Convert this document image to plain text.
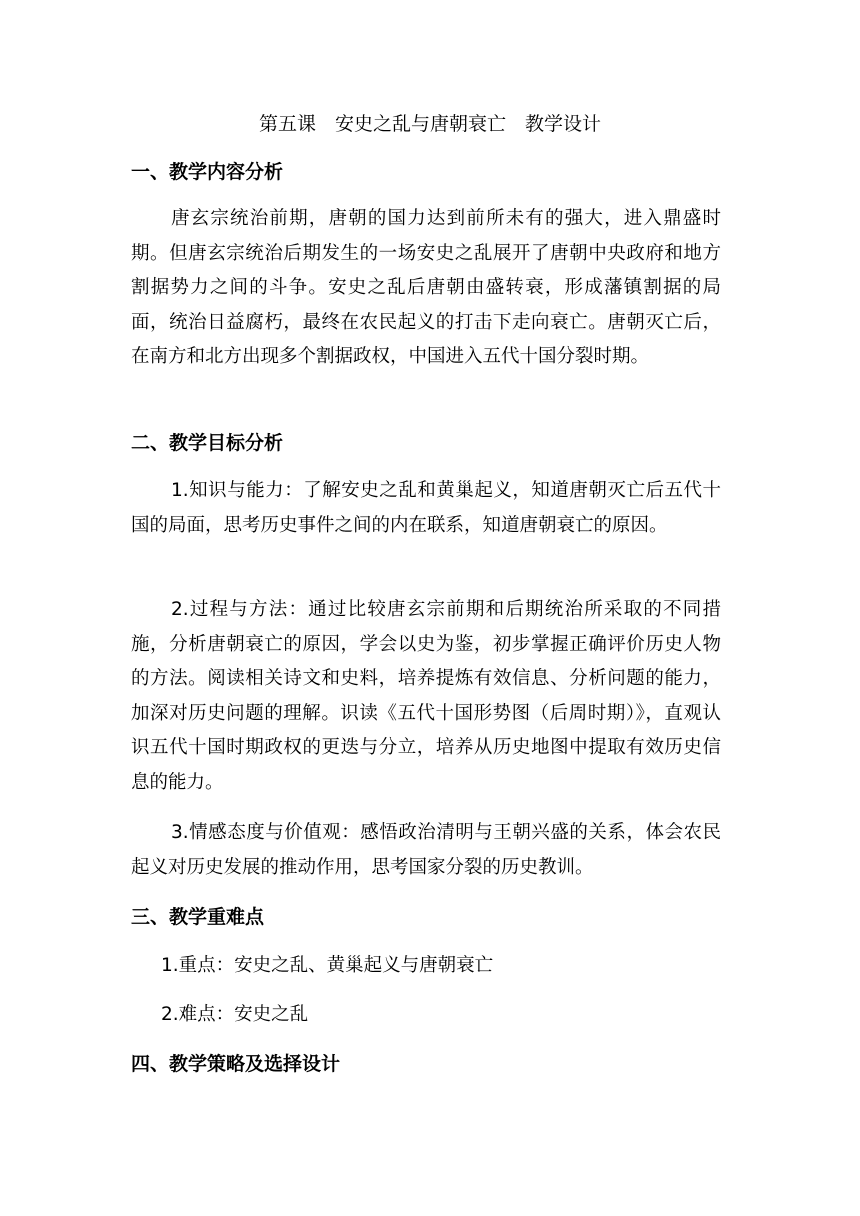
第五课　安史之乱与唐朝衰亡　教学设计
一、教学内容分析
唐玄宗统治前期，唐朝的国力达到前所未有的强大，进入鼎盛时期。但唐玄宗统治后期发生的一场安史之乱展开了唐朝中央政府和地方割据势力之间的斗争。安史之乱后唐朝由盛转衰，形成藩镇割据的局面，统治日益腐朽，最终在农民起义的打击下走向衰亡。唐朝灭亡后，在南方和北方出现多个割据政权，中国进入五代十国分裂时期。
二、教学目标分析
1.知识与能力：了解安史之乱和黄巢起义，知道唐朝灭亡后五代十国的局面，思考历史事件之间的内在联系，知道唐朝衰亡的原因。
2.过程与方法：通过比较唐玄宗前期和后期统治所采取的不同措施，分析唐朝衰亡的原因，学会以史为鉴，初步掌握正确评价历史人物的方法。阅读相关诗文和史料，培养提炼有效信息、分析问题的能力，加深对历史问题的理解。识读《五代十国形势图（后周时期）》，直观认识五代十国时期政权的更迭与分立，培养从历史地图中提取有效历史信息的能力。
3.情感态度与价值观：感悟政治清明与王朝兴盛的关系，体会农民起义对历史发展的推动作用，思考国家分裂的历史教训。
三、教学重难点
1.重点：安史之乱、黄巢起义与唐朝衰亡
2.难点：安史之乱
四、教学策略及选择设计
